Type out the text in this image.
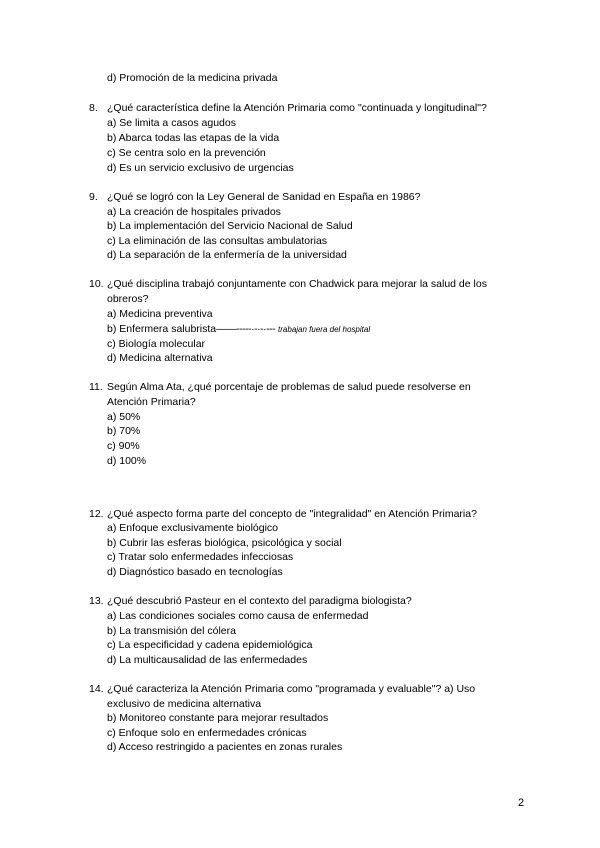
d) Promoción de la medicina privada
8. ¿Qué característica define la Atención Primaria como "continuada y longitudinal"?
a) Se limita a casos agudos
b) Abarca todas las etapas de la vida
c) Se centra solo en la prevención
d) Es un servicio exclusivo de urgencias
9. ¿Qué se logró con la Ley General de Sanidad en España en 1986?
a) La creación de hospitales privados
b) La implementación del Servicio Nacional de Salud
c) La eliminación de las consultas ambulatorias
d) La separación de la enfermería de la universidad
10. ¿Qué disciplina trabajó conjuntamente con Chadwick para mejorar la salud de los
obreros?
a) Medicina preventiva
b) Enfermera salubrista——-----·-·-·--- trabajan fuera del hospital
c) Biología molecular
d) Medicina alternativa
11. Según Alma Ata, ¿qué porcentaje de problemas de salud puede resolverse en
Atención Primaria?
a) 50%
b) 70%
c) 90%
d) 100%
12. ¿Qué aspecto forma parte del concepto de "integralidad" en Atención Primaria?
a) Enfoque exclusivamente biológico
b) Cubrir las esferas biológica, psicológica y social
c) Tratar solo enfermedades infecciosas
d) Diagnóstico basado en tecnologías
13. ¿Qué descubrió Pasteur en el contexto del paradigma biologista?
a) Las condiciones sociales como causa de enfermedad
b) La transmisión del cólera
c) La especificidad y cadena epidemiológica
d) La multicausalidad de las enfermedades
14. ¿Qué caracteriza la Atención Primaria como "programada y evaluable"? a) Uso
exclusivo de medicina alternativa
b) Monitoreo constante para mejorar resultados
c) Enfoque solo en enfermedades crónicas
d) Acceso restringido a pacientes en zonas rurales
2
